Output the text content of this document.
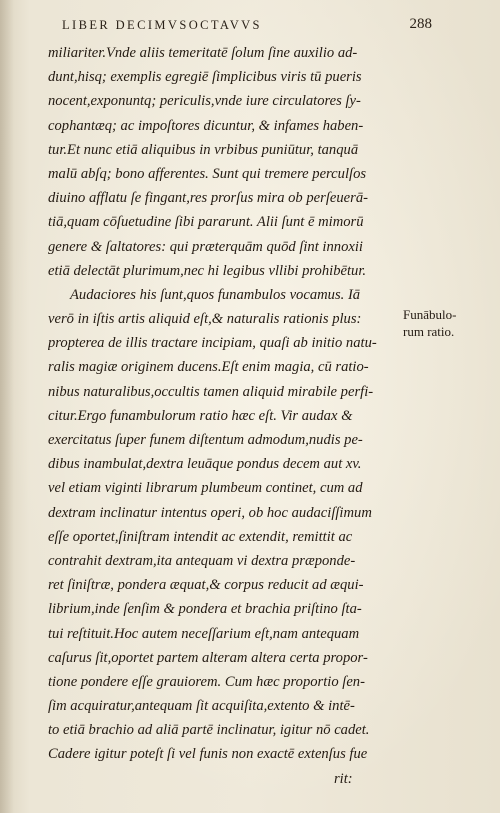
LIBER DECIMVSOCTAVVS	288
miliariter.Vnde aliis temeritatē ſolum ſine auxilio ad-
dunt,hisq; exemplis egregiē ſimplicibus viris tū pueris
nocent,exponuntq; periculis,vnde iure circulatores ſy-
cophantæq; ac impoſtores dicuntur, & infames haben-
tur.Et nunc etiā aliquibus in vrbibus puniūtur, tanquā
malū abſq; bono afferentes. Sunt qui tremere perculſos
diuino afflatu ſe fingant,res prorſus mira ob perſeuerā-
tiā,quam cōſuetudine ſibi pararunt. Alii ſunt ē mimorū
genere & ſaltatores: qui præterquām quōd ſint innoxii
etiā delectāt plurimum,nec hi legibus vllibi prohibētur.
Audaciores his ſunt,quos funambulos vocamus. Iā
verō in iſtis artis aliquid eſt,& naturalis rationis plus:
propterea de illis tractare incipiam, quaſi ab initio natu-
ralis magiæ originem ducens.Eſt enim magia, cū ratio-
nibus naturalibus,occultis tamen aliquid mirabile perfi-
citur.Ergo funambulorum ratio hæc eſt. Vir audax &
exercitatus ſuper funem diſtentum admodum,nudis pe-
dibus inambulat,dextra leuāque pondus decem aut xv.
vel etiam viginti librarum plumbeum continet, cum ad
dextram inclinatur intentus operi, ob hoc audaciſſimum
eſſe oportet,ſiniſtram intendit ac extendit, remittit ac
contrahit dextram,ita antequam vi dextra præponde-
ret ſiniſtræ, pondera æquat,& corpus reducit ad æqui-
librium,inde ſenſim & pondera et brachia priſtino ſta-
tui reſtituit.Hoc autem neceſſarium eſt,nam antequam
caſurus ſit,oportet partem alteram altera certa propor-
tione pondere eſſe grauiorem. Cum hæc proportio ſen-
ſim acquiratur,antequam ſit acquiſita,extento & intē-
to etiā brachio ad aliā partē inclinatur, igitur nō cadet.
Cadere igitur poteſt ſi vel funis non exactē extenſus fue
rit:
Funābulo-
rum ratio.
